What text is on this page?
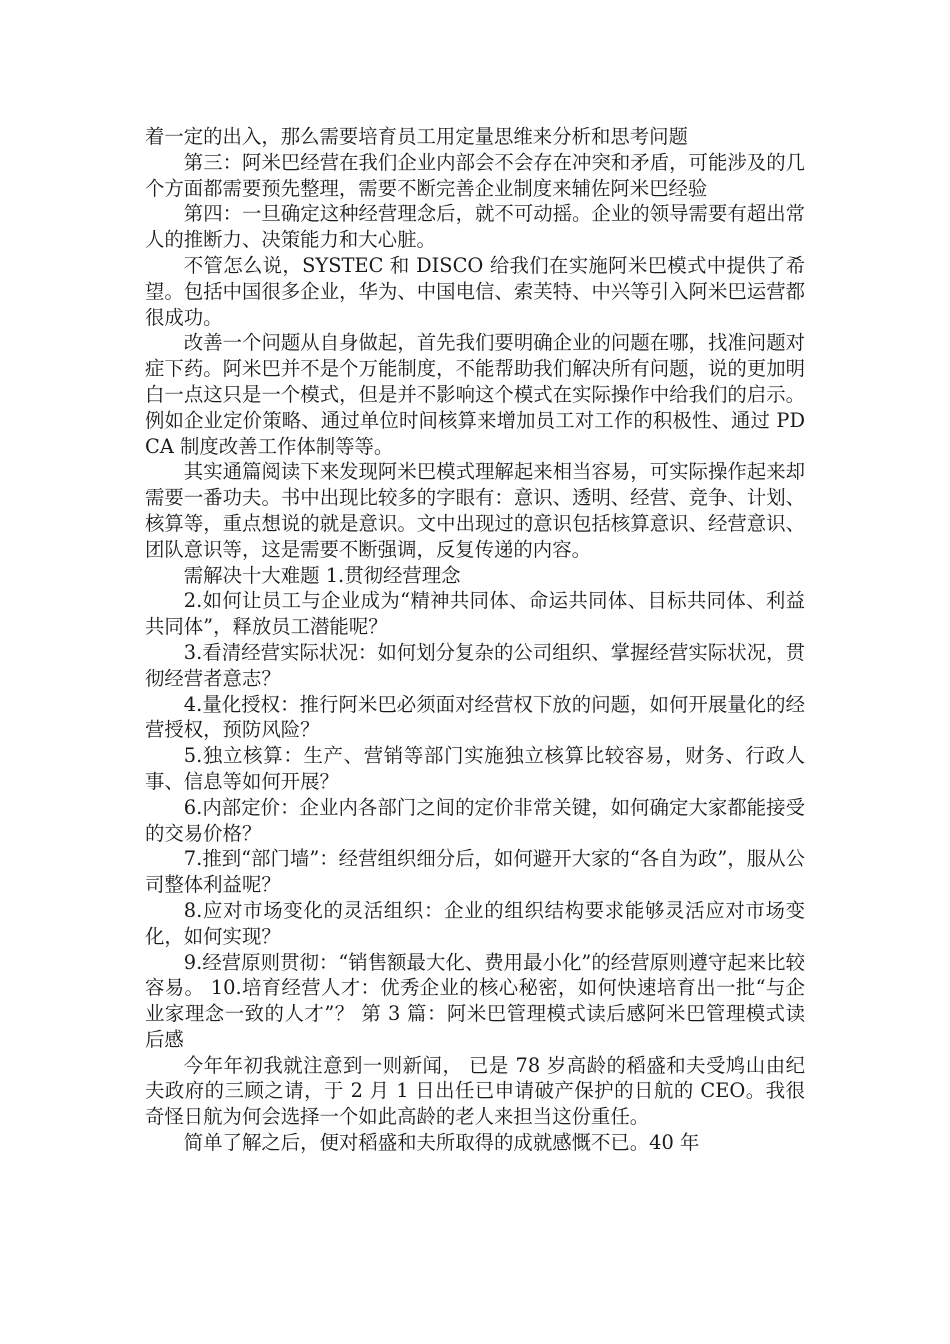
着一定的出入，那么需要培育员工用定量思维来分析和思考问题

第三：阿米巴经营在我们企业内部会不会存在冲突和矛盾，可能涉及的几个方面都需要预先整理，需要不断完善企业制度来辅佐阿米巴经验

第四：一旦确定这种经营理念后，就不可动摇。企业的领导需要有超出常人的推断力、决策能力和大心脏。

不管怎么说，SYSTEC 和 DISCO 给我们在实施阿米巴模式中提供了希望。包括中国很多企业，华为、中国电信、索芙特、中兴等引入阿米巴运营都很成功。

改善一个问题从自身做起，首先我们要明确企业的问题在哪，找准问题对症下药。阿米巴并不是个万能制度，不能帮助我们解决所有问题，说的更加明白一点这只是一个模式，但是并不影响这个模式在实际操作中给我们的启示。例如企业定价策略、通过单位时间核算来增加员工对工作的积极性、通过 PDCA 制度改善工作体制等等。

其实通篇阅读下来发现阿米巴模式理解起来相当容易，可实际操作起来却需要一番功夫。书中出现比较多的字眼有：意识、透明、经营、竞争、计划、核算等，重点想说的就是意识。文中出现过的意识包括核算意识、经营意识、团队意识等，这是需要不断强调，反复传递的内容。

需解决十大难题 1.贯彻经营理念

2.如何让员工与企业成为“精神共同体、命运共同体、目标共同体、利益共同体”，释放员工潜能呢？

3.看清经营实际状况：如何划分复杂的公司组织、掌握经营实际状况，贯彻经营者意志？

4.量化授权：推行阿米巴必须面对经营权下放的问题，如何开展量化的经营授权，预防风险？

5.独立核算：生产、营销等部门实施独立核算比较容易，财务、行政人事、信息等如何开展？

6.内部定价：企业内各部门之间的定价非常关键，如何确定大家都能接受的交易价格？

7.推到“部门墙”：经营组织细分后，如何避开大家的“各自为政”，服从公司整体利益呢？

8.应对市场变化的灵活组织：企业的组织结构要求能够灵活应对市场变化，如何实现？

9.经营原则贯彻：“销售额最大化、费用最小化”的经营原则遵守起来比较容易。 10.培育经营人才：优秀企业的核心秘密，如何快速培育出一批“与企业家理念一致的人才”？ 第 3 篇：阿米巴管理模式读后感阿米巴管理模式读后感

今年年初我就注意到一则新闻， 已是 78 岁高龄的稻盛和夫受鸠山由纪夫政府的三顾之请，于 2 月 1 日出任已申请破产保护的日航的 CEO。我很奇怪日航为何会选择一个如此高龄的老人来担当这份重任。

简单了解之后，便对稻盛和夫所取得的成就感慨不已。40 年
